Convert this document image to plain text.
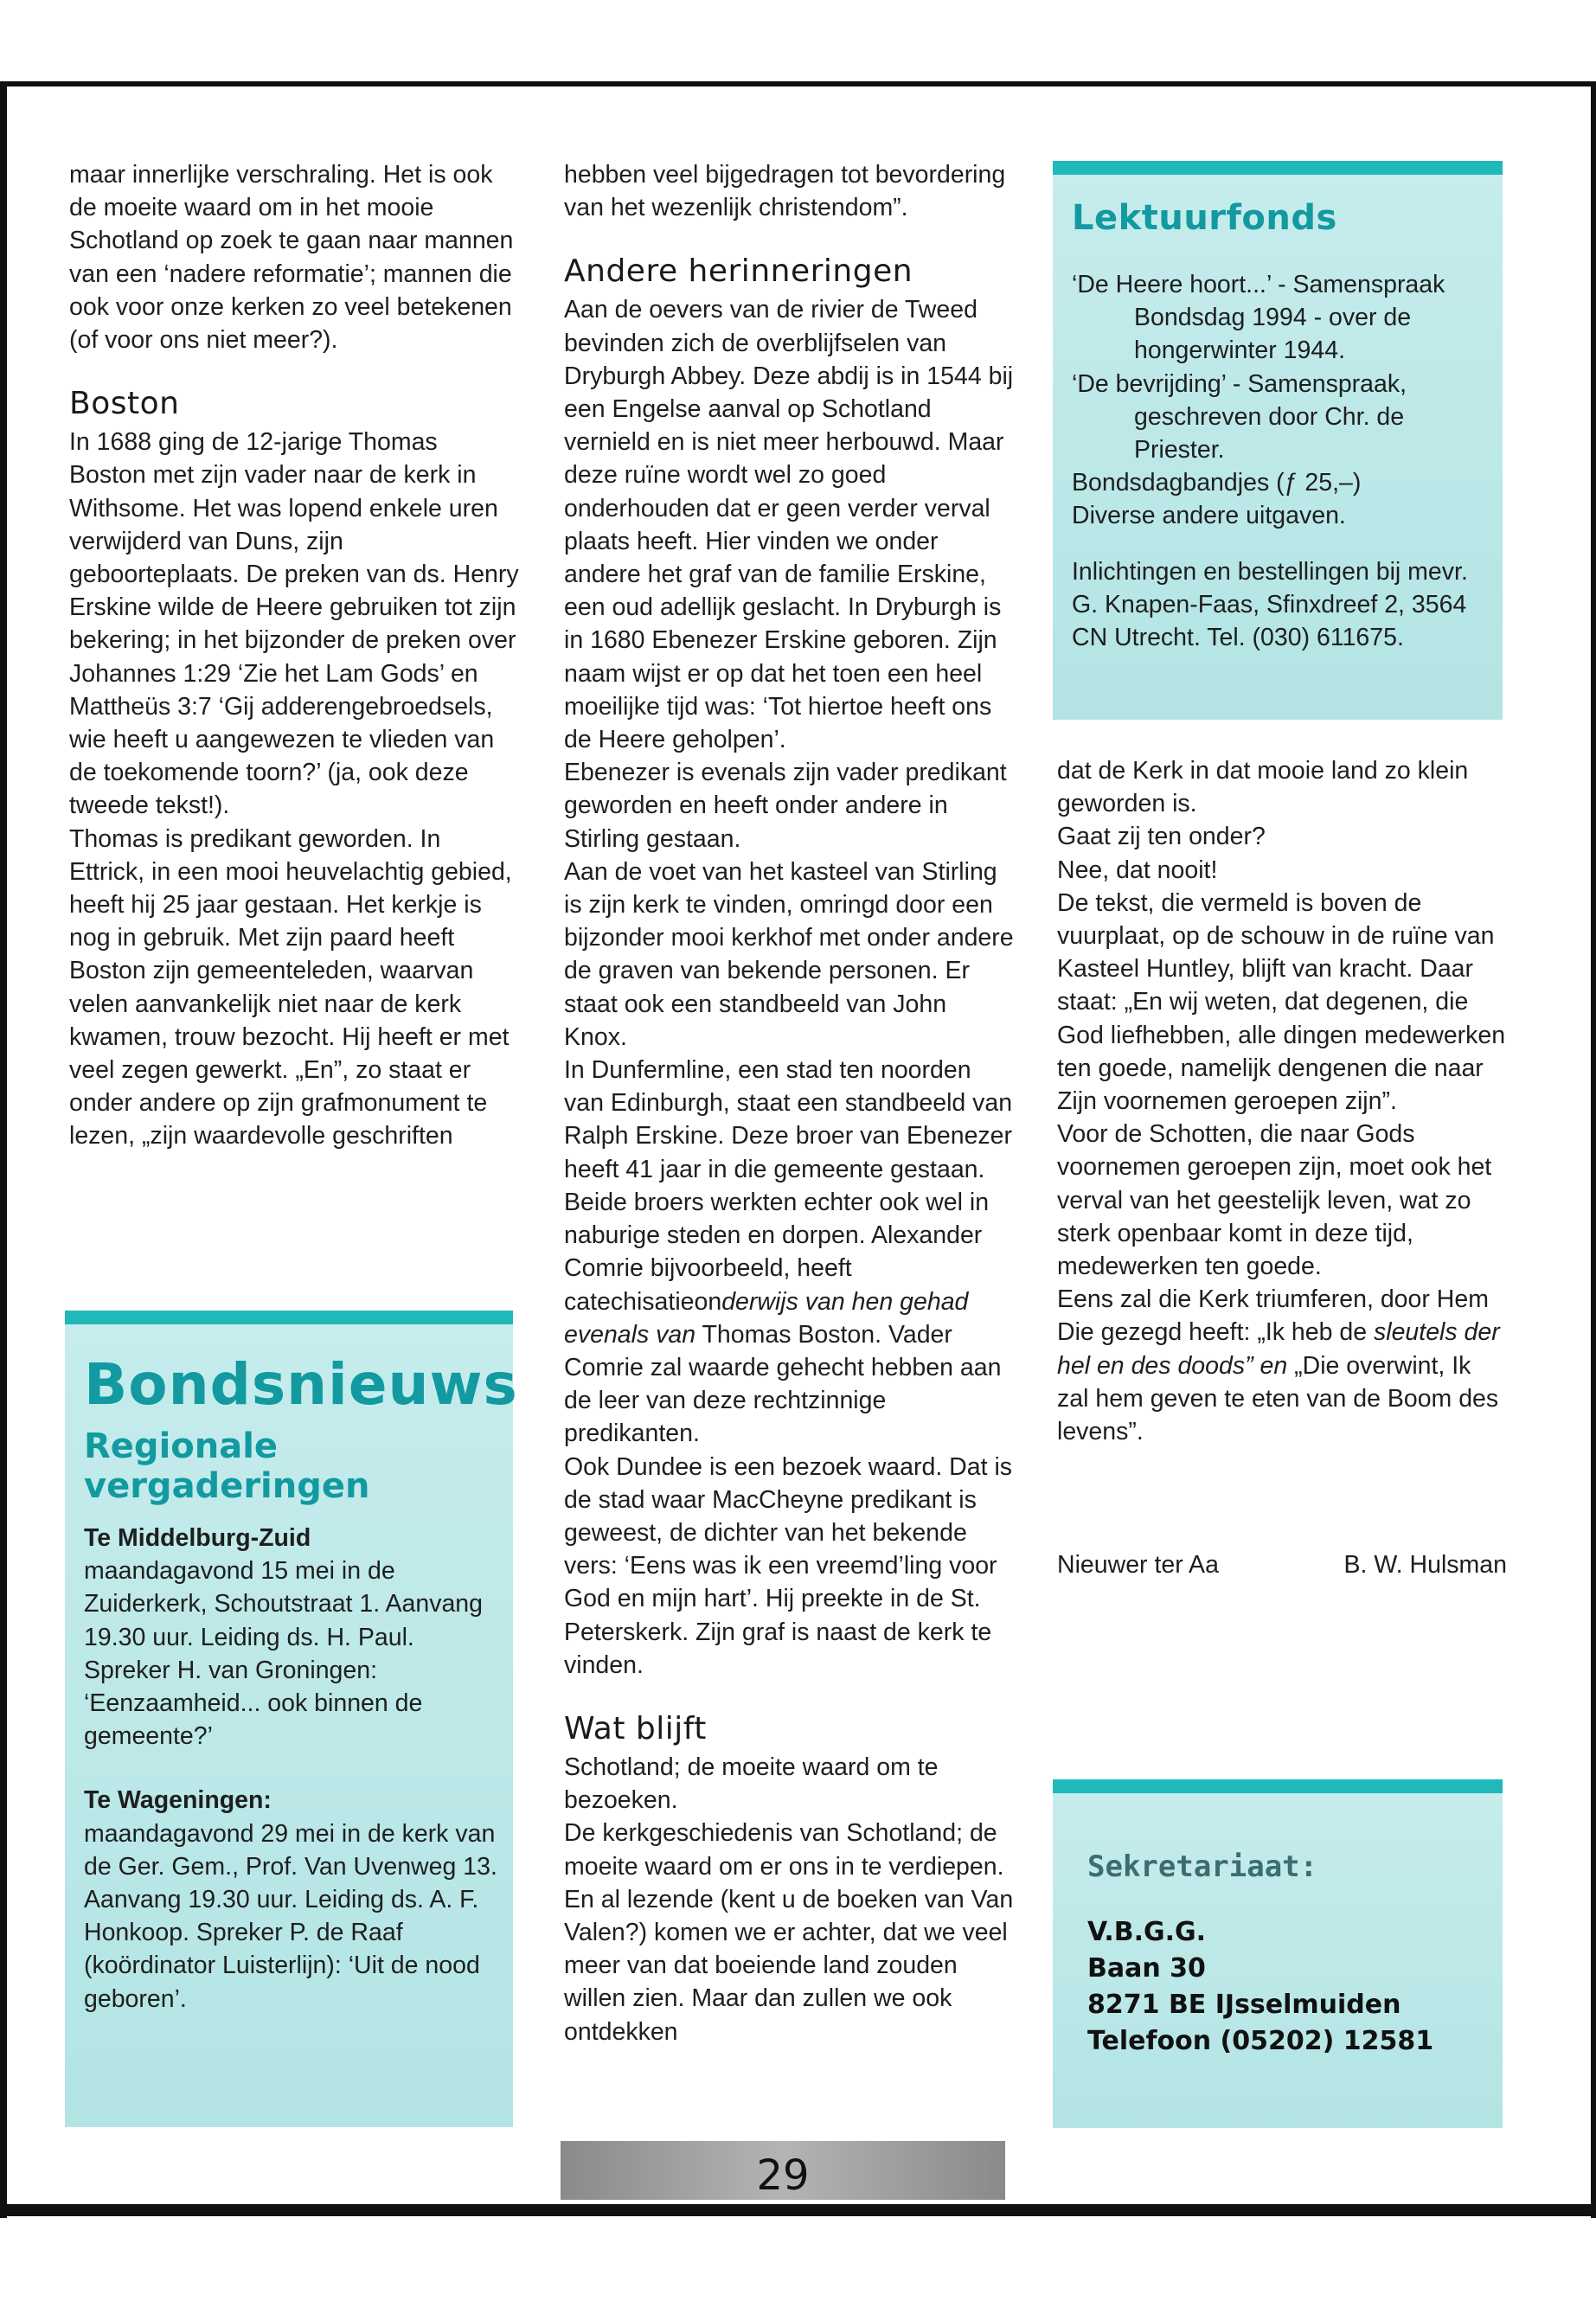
maar innerlijke verschraling. Het is ook de moeite waard om in het mooie Schotland op zoek te gaan naar mannen van een ‘nadere reformatie’; mannen die ook voor onze kerken zo veel betekenen (of voor ons niet meer?).

Boston

In 1688 ging de 12-jarige Thomas Boston met zijn vader naar de kerk in Withsome. Het was lopend enkele uren verwijderd van Duns, zijn geboorteplaats. De preken van ds. Henry Erskine wilde de Heere gebruiken tot zijn bekering; in het bijzonder de preken over Johannes 1:29 ‘Zie het Lam Gods’ en Mattheüs 3:7 ‘Gij adderengebroedsels, wie heeft u aangewezen te vlieden van de toekomende toorn?’ (ja, ook deze tweede tekst!).

Thomas is predikant geworden. In Ettrick, in een mooi heuvelachtig gebied, heeft hij 25 jaar gestaan. Het kerkje is nog in gebruik. Met zijn paard heeft Boston zijn gemeenteleden, waarvan velen aanvankelijk niet naar de kerk kwamen, trouw bezocht. Hij heeft er met veel zegen gewerkt. „En”, zo staat er onder andere op zijn grafmonument te lezen, „zijn waardevolle geschriften

Bondsnieuws
Regionale vergaderingen

Te Middelburg-Zuid

maandagavond 15 mei in de Zuiderkerk, Schoutstraat 1. Aanvang 19.30 uur. Leiding ds. H. Paul. Spreker H. van Groningen: ‘Eenzaamheid... ook binnen de gemeente?’

Te Wageningen:

maandagavond 29 mei in de kerk van de Ger. Gem., Prof. Van Uvenweg 13. Aanvang 19.30 uur. Leiding ds. A. F. Honkoop. Spreker P. de Raaf (koördinator Luisterlijn): ‘Uit de nood geboren’.

hebben veel bijgedragen tot bevordering van het wezenlijk christendom”.

Andere herinneringen

Aan de oevers van de rivier de Tweed bevinden zich de overblijfselen van Dryburgh Abbey. Deze abdij is in 1544 bij een Engelse aanval op Schotland vernield en is niet meer herbouwd. Maar deze ruïne wordt wel zo goed onderhouden dat er geen verder verval plaats heeft. Hier vinden we onder andere het graf van de familie Erskine, een oud adellijk geslacht. In Dryburgh is in 1680 Ebenezer Erskine geboren. Zijn naam wijst er op dat het toen een heel moeilijke tijd was: ‘Tot hiertoe heeft ons de Heere geholpen’.

Ebenezer is evenals zijn vader predikant geworden en heeft onder andere in Stirling gestaan.

Aan de voet van het kasteel van Stirling is zijn kerk te vinden, omringd door een bijzonder mooi kerkhof met onder andere de graven van bekende personen. Er staat ook een standbeeld van John Knox.

In Dunfermline, een stad ten noorden van Edinburgh, staat een standbeeld van Ralph Erskine. Deze broer van Ebenezer heeft 41 jaar in die gemeente gestaan. Beide broers werkten echter ook wel in naburige steden en dorpen. Alexander Comrie bijvoorbeeld, heeft catechisatieonderwijs van hen gehad evenals van Thomas Boston. Vader Comrie zal waarde gehecht hebben aan de leer van deze rechtzinnige predikanten.

Ook Dundee is een bezoek waard. Dat is de stad waar MacCheyne predikant is geweest, de dichter van het bekende vers: ‘Eens was ik een vreemd’ling voor God en mijn hart’. Hij preekte in de St. Peterskerk. Zijn graf is naast de kerk te vinden.

Wat blijft

Schotland; de moeite waard om te bezoeken.

De kerkgeschiedenis van Schotland; de moeite waard om er ons in te verdiepen. En al lezende (kent u de boeken van Van Valen?) komen we er achter, dat we veel meer van dat boeiende land zouden willen zien. Maar dan zullen we ook ontdekken

Lektuurfonds

‘De Heere hoort...’ - Samenspraak

Bondsdag 1994 - over de hongerwinter 1944.

‘De bevrijding’ - Samenspraak,

geschreven door Chr. de Priester.

Bondsdagbandjes (ƒ 25,–)

Diverse andere uitgaven.

Inlichtingen en bestellingen bij mevr. G. Knapen-Faas, Sfinxdreef 2, 3564 CN Utrecht. Tel. (030) 611675.

dat de Kerk in dat mooie land zo klein geworden is.

Gaat zij ten onder?

Nee, dat nooit!

De tekst, die vermeld is boven de vuurplaat, op de schouw in de ruïne van Kasteel Huntley, blijft van kracht. Daar staat: „En wij weten, dat degenen, die God liefhebben, alle dingen medewerken ten goede, namelijk dengenen die naar Zijn voornemen geroepen zijn”.

Voor de Schotten, die naar Gods voornemen geroepen zijn, moet ook het verval van het geestelijk leven, wat zo sterk openbaar komt in deze tijd, medewerken ten goede.

Eens zal die Kerk triumferen, door Hem Die gezegd heeft: „Ik heb de sleutels der hel en des doods” en „Die overwint, Ik zal hem geven te eten van de Boom des levens”.

Nieuwer ter Aa	B. W. Hulsman
Sekretariaat:

V.B.G.G.

Baan 30

8271 BE IJsselmuiden

Telefoon (05202) 12581

29
